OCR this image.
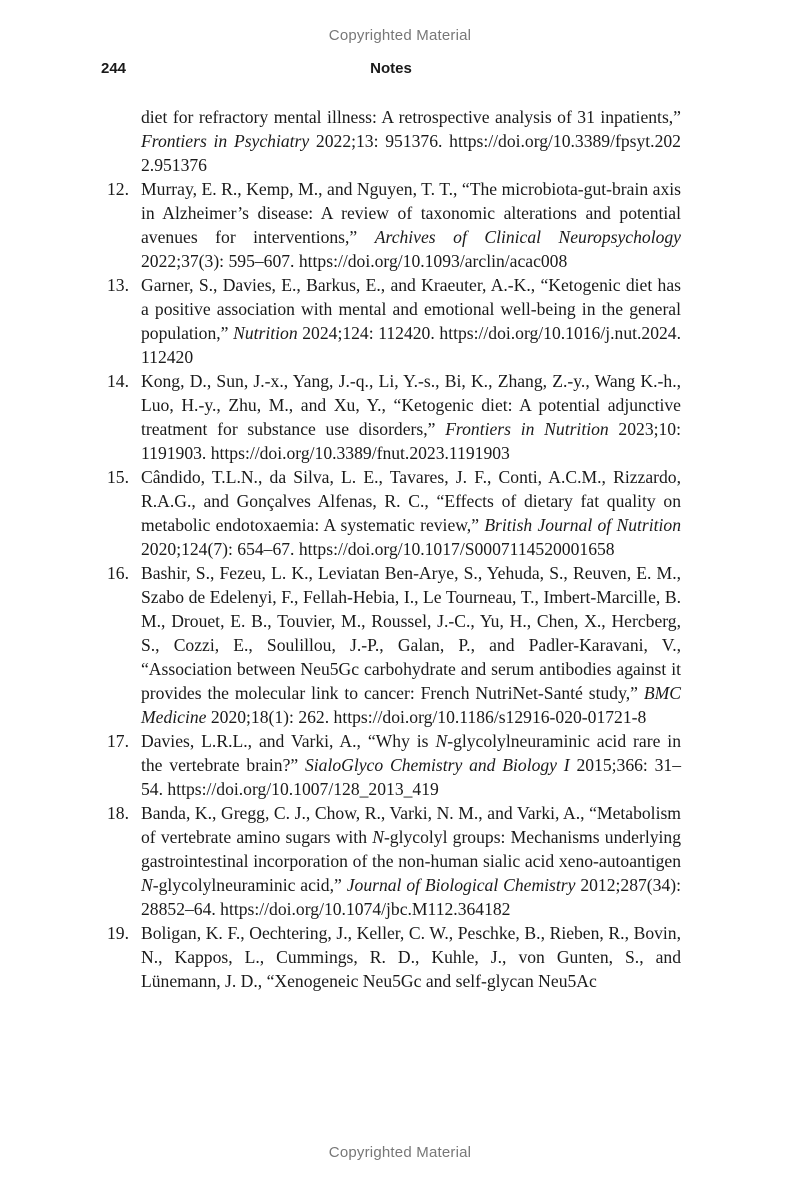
Copyrighted Material
244	Notes

diet for refractory mental illness: A retrospective analysis of 31 inpatients,” Frontiers in Psychiatry 2022;13: 951376. https://doi.org/10.3389/fpsyt.2022.951376

12. Murray, E. R., Kemp, M., and Nguyen, T. T., “The microbiota-gut-brain axis in Alzheimer’s disease: A review of taxonomic alterations and potential avenues for interventions,” Archives of Clinical Neuropsychology 2022;37(3): 595–607. https://doi.org/10.1093/arclin/acac008

13. Garner, S., Davies, E., Barkus, E., and Kraeuter, A.-K., “Ketogenic diet has a positive association with mental and emotional well-being in the general population,” Nutrition 2024;124: 112420. https://doi.org/10.1016/j.nut.2024.112420

14. Kong, D., Sun, J.-x., Yang, J.-q., Li, Y.-s., Bi, K., Zhang, Z.-y., Wang K.-h., Luo, H.-y., Zhu, M., and Xu, Y., “Ketogenic diet: A potential adjunctive treatment for substance use disorders,” Frontiers in Nutrition 2023;10: 1191903. https://doi.org/10.3389/fnut.2023.1191903

15. Cândido, T.L.N., da Silva, L. E., Tavares, J. F., Conti, A.C.M., Rizzardo, R.A.G., and Gonçalves Alfenas, R. C., “Effects of dietary fat quality on metabolic endotoxaemia: A systematic review,” British Journal of Nutrition 2020;124(7): 654–67. https://doi.org/10.1017/S0007114520001658

16. Bashir, S., Fezeu, L. K., Leviatan Ben-Arye, S., Yehuda, S., Reuven, E. M., Szabo de Edelenyi, F., Fellah-Hebia, I., Le Tourneau, T., Imbert-Marcille, B. M., Drouet, E. B., Touvier, M., Roussel, J.-C., Yu, H., Chen, X., Hercberg, S., Cozzi, E., Soulillou, J.-P., Galan, P., and Padler-Karavani, V., “Association between Neu5Gc carbohydrate and serum antibodies against it provides the molecular link to cancer: French NutriNet-Santé study,” BMC Medicine 2020;18(1): 262. https://doi.org/10.1186/s12916-020-01721-8

17. Davies, L.R.L., and Varki, A., “Why is N-glycolylneuraminic acid rare in the vertebrate brain?” SialoGlyco Chemistry and Biology I 2015;366: 31–54. https://doi.org/10.1007/128_2013_419

18. Banda, K., Gregg, C. J., Chow, R., Varki, N. M., and Varki, A., “Metabolism of vertebrate amino sugars with N-glycolyl groups: Mechanisms underlying gastrointestinal incorporation of the non-human sialic acid xeno-autoantigen N-glycolylneuraminic acid,” Journal of Biological Chemistry 2012;287(34): 28852–64. https://doi.org/10.1074/jbc.M112.364182

19. Boligan, K. F., Oechtering, J., Keller, C. W., Peschke, B., Rieben, R., Bovin, N., Kappos, L., Cummings, R. D., Kuhle, J., von Gunten, S., and Lünemann, J. D., “Xenogeneic Neu5Gc and self-glycan Neu5Ac

Copyrighted Material
